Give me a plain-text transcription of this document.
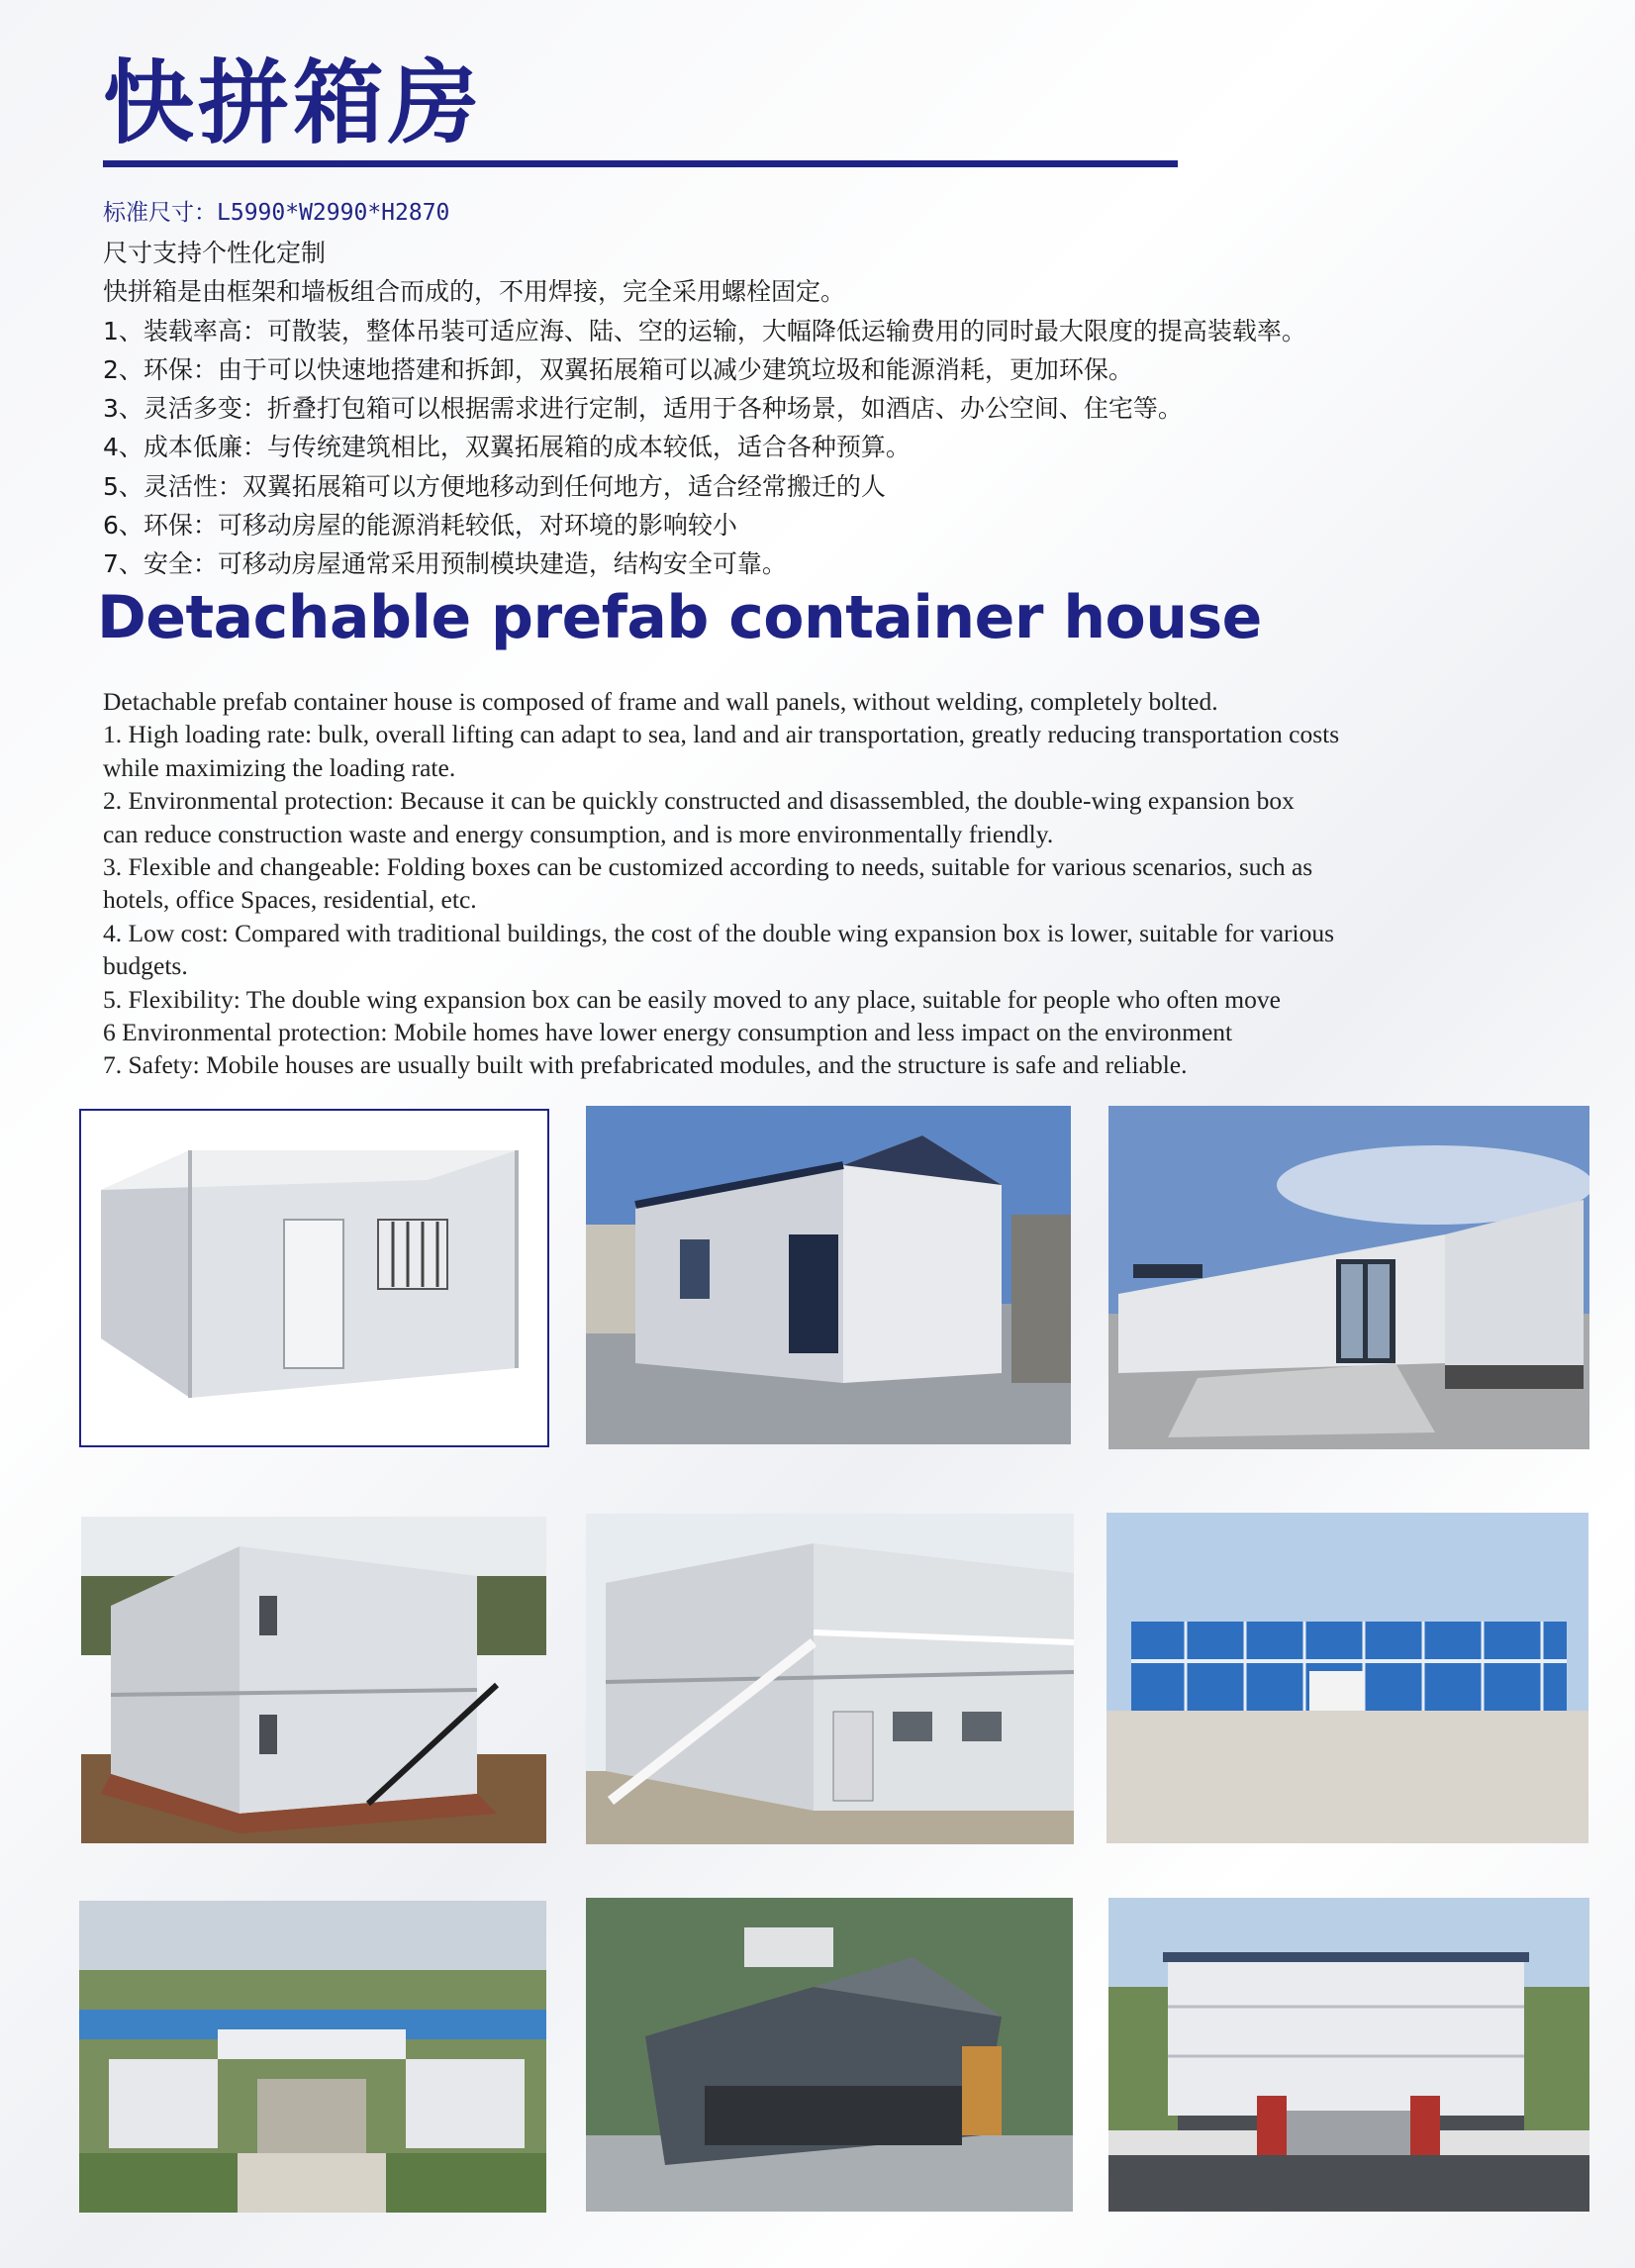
快拼箱房
标准尺寸：L5990*W2990*H2870
尺寸支持个性化定制
快拼箱是由框架和墙板组合而成的，不用焊接，完全采用螺栓固定。
1、装载率高：可散装，整体吊装可适应海、陆、空的运输，大幅降低运输费用的同时最大限度的提高装载率。
2、环保：由于可以快速地搭建和拆卸，双翼拓展箱可以减少建筑垃圾和能源消耗，更加环保。
3、灵活多变：折叠打包箱可以根据需求进行定制，适用于各种场景，如酒店、办公空间、住宅等。
4、成本低廉：与传统建筑相比，双翼拓展箱的成本较低，适合各种预算。
5、灵活性：双翼拓展箱可以方便地移动到任何地方，适合经常搬迁的人
6、环保：可移动房屋的能源消耗较低，对环境的影响较小
7、安全：可移动房屋通常采用预制模块建造，结构安全可靠。
Detachable prefab container house
Detachable prefab container house is composed of frame and wall panels, without welding, completely bolted.
1. High loading rate: bulk, overall lifting can adapt to sea, land and air transportation, greatly reducing transportation costs
while maximizing the loading rate.
2. Environmental protection: Because it can be quickly constructed and disassembled, the double-wing expansion box
can reduce construction waste and energy consumption, and is more environmentally friendly.
3. Flexible and changeable: Folding boxes can be customized according to needs, suitable for various scenarios, such as
hotels, office Spaces, residential, etc.
4. Low cost: Compared with traditional buildings, the cost of the double wing expansion box is lower, suitable for various
budgets.
5. Flexibility: The double wing expansion box can be easily moved to any place, suitable for people who often move
6 Environmental protection: Mobile homes have lower energy consumption and less impact on the environment
7. Safety: Mobile houses are usually built with prefabricated modules, and the structure is safe and reliable.
